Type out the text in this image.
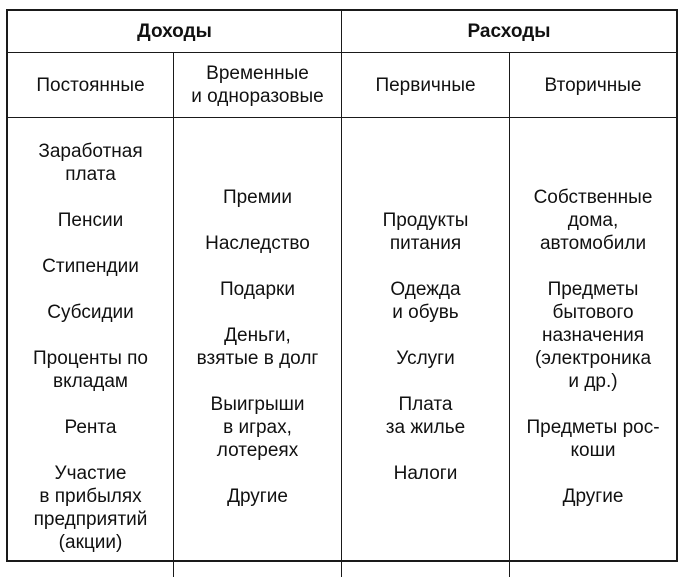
Доходы	Расходы
Постоянные
Временные
и одноразовые
Первичные	Вторичные
Заработная
плата
Пенсии
Стипендии
Субсидии
Проценты по
вкладам
Рента
Участие
в прибылях
предприятий
(акции)
Премии
Наследство
Подарки
Деньги,
взятые в долг
Выигрыши
в играх,
лотереях
Другие
Продукты
питания
Одежда
и обувь
Услуги
Плата
за жилье
Налоги
Собственные
дома,
автомобили
Предметы
бытового
назначения
(электроника
и др.)
Предметы рос-
коши
Другие
